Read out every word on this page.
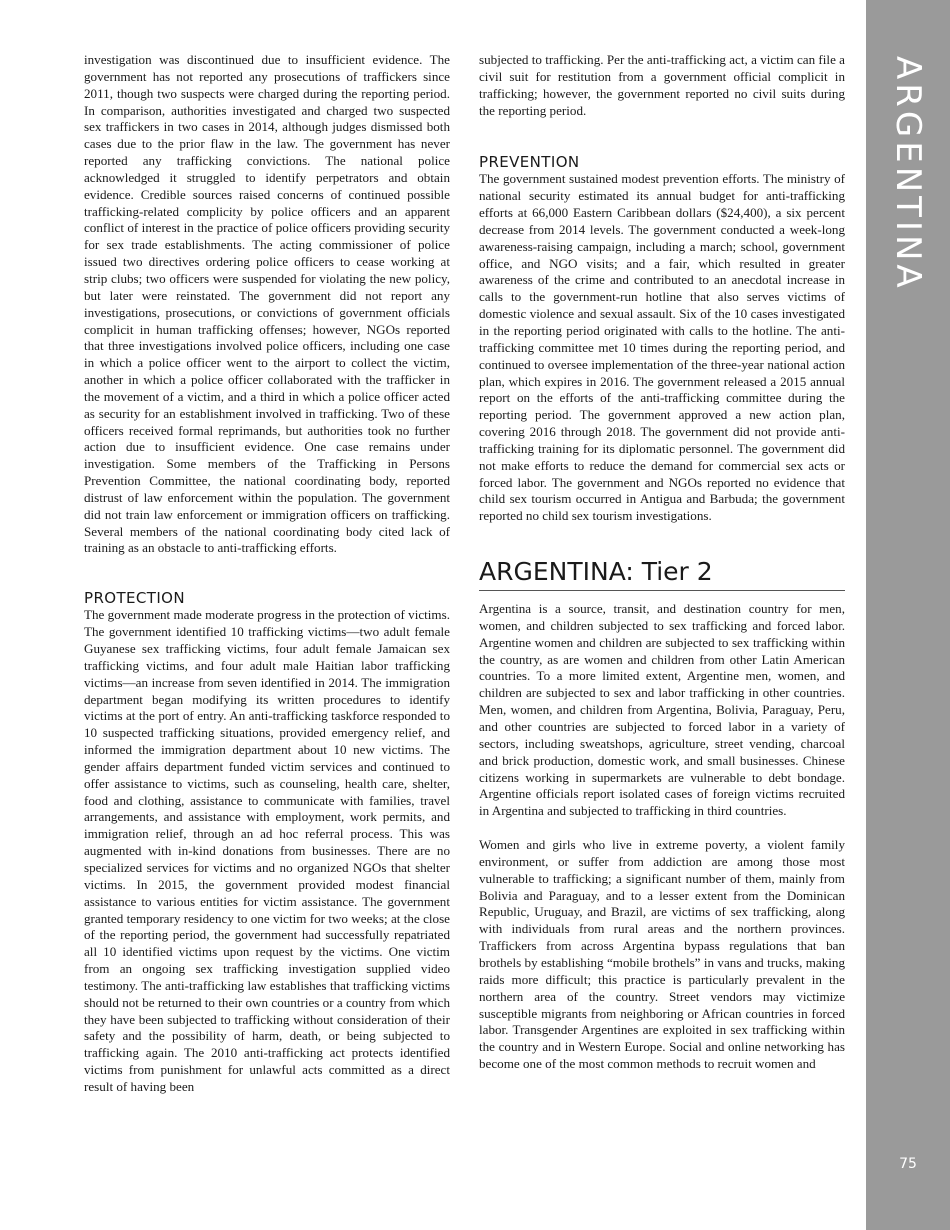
investigation was discontinued due to insufficient evidence. The government has not reported any prosecutions of traffickers since 2011, though two suspects were charged during the reporting period. In comparison, authorities investigated and charged two suspected sex traffickers in two cases in 2014, although judges dismissed both cases due to the prior flaw in the law. The government has never reported any trafficking convictions. The national police acknowledged it struggled to identify perpetrators and obtain evidence. Credible sources raised concerns of continued possible trafficking-related complicity by police officers and an apparent conflict of interest in the practice of police officers providing security for sex trade establishments. The acting commissioner of police issued two directives ordering police officers to cease working at strip clubs; two officers were suspended for violating the new policy, but later were reinstated. The government did not report any investigations, prosecutions, or convictions of government officials complicit in human trafficking offenses; however, NGOs reported that three investigations involved police officers, including one case in which a police officer went to the airport to collect the victim, another in which a police officer collaborated with the trafficker in the movement of a victim, and a third in which a police officer acted as security for an establishment involved in trafficking. Two of these officers received formal reprimands, but authorities took no further action due to insufficient evidence. One case remains under investigation. Some members of the Trafficking in Persons Prevention Committee, the national coordinating body, reported distrust of law enforcement within the population. The government did not train law enforcement or immigration officers on trafficking. Several members of the national coordinating body cited lack of training as an obstacle to anti-trafficking efforts.

PROTECTION

The government made moderate progress in the protection of victims. The government identified 10 trafficking victims—two adult female Guyanese sex trafficking victims, four adult female Jamaican sex trafficking victims, and four adult male Haitian labor trafficking victims—an increase from seven identified in 2014. The immigration department began modifying its written procedures to identify victims at the port of entry. An anti-trafficking taskforce responded to 10 suspected trafficking situations, provided emergency relief, and informed the immigration department about 10 new victims. The gender affairs department funded victim services and continued to offer assistance to victims, such as counseling, health care, shelter, food and clothing, assistance to communicate with families, travel arrangements, and assistance with employment, work permits, and immigration relief, through an ad hoc referral process. This was augmented with in-kind donations from businesses. There are no specialized services for victims and no organized NGOs that shelter victims. In 2015, the government provided modest financial assistance to various entities for victim assistance. The government granted temporary residency to one victim for two weeks; at the close of the reporting period, the government had successfully repatriated all 10 identified victims upon request by the victims. One victim from an ongoing sex trafficking investigation supplied video testimony. The anti-trafficking law establishes that trafficking victims should not be returned to their own countries or a country from which they have been subjected to trafficking without consideration of their safety and the possibility of harm, death, or being subjected to trafficking again. The 2010 anti-trafficking act protects identified victims from punishment for unlawful acts committed as a direct result of having been

subjected to trafficking. Per the anti-trafficking act, a victim can file a civil suit for restitution from a government official complicit in trafficking; however, the government reported no civil suits during the reporting period.

PREVENTION

The government sustained modest prevention efforts. The ministry of national security estimated its annual budget for anti-trafficking efforts at 66,000 Eastern Caribbean dollars ($24,400), a six percent decrease from 2014 levels. The government conducted a week-long awareness-raising campaign, including a march; school, government office, and NGO visits; and a fair, which resulted in greater awareness of the crime and contributed to an anecdotal increase in calls to the government-run hotline that also serves victims of domestic violence and sexual assault. Six of the 10 cases investigated in the reporting period originated with calls to the hotline. The anti-trafficking committee met 10 times during the reporting period, and continued to oversee implementation of the three-year national action plan, which expires in 2016. The government released a 2015 annual report on the efforts of the anti-trafficking committee during the reporting period. The government approved a new action plan, covering 2016 through 2018. The government did not provide anti-trafficking training for its diplomatic personnel. The government did not make efforts to reduce the demand for commercial sex acts or forced labor. The government and NGOs reported no evidence that child sex tourism occurred in Antigua and Barbuda; the government reported no child sex tourism investigations.

ARGENTINA: Tier 2

Argentina is a source, transit, and destination country for men, women, and children subjected to sex trafficking and forced labor. Argentine women and children are subjected to sex trafficking within the country, as are women and children from other Latin American countries. To a more limited extent, Argentine men, women, and children are subjected to sex and labor trafficking in other countries. Men, women, and children from Argentina, Bolivia, Paraguay, Peru, and other countries are subjected to forced labor in a variety of sectors, including sweatshops, agriculture, street vending, charcoal and brick production, domestic work, and small businesses. Chinese citizens working in supermarkets are vulnerable to debt bondage. Argentine officials report isolated cases of foreign victims recruited in Argentina and subjected to trafficking in third countries.

Women and girls who live in extreme poverty, a violent family environment, or suffer from addiction are among those most vulnerable to trafficking; a significant number of them, mainly from Bolivia and Paraguay, and to a lesser extent from the Dominican Republic, Uruguay, and Brazil, are victims of sex trafficking, along with individuals from rural areas and the northern provinces. Traffickers from across Argentina bypass regulations that ban brothels by establishing “mobile brothels” in vans and trucks, making raids more difficult; this practice is particularly prevalent in the northern area of the country. Street vendors may victimize susceptible migrants from neighboring or African countries in forced labor. Transgender Argentines are exploited in sex trafficking within the country and in Western Europe. Social and online networking has become one of the most common methods to recruit women and

ARGENTINA
75
